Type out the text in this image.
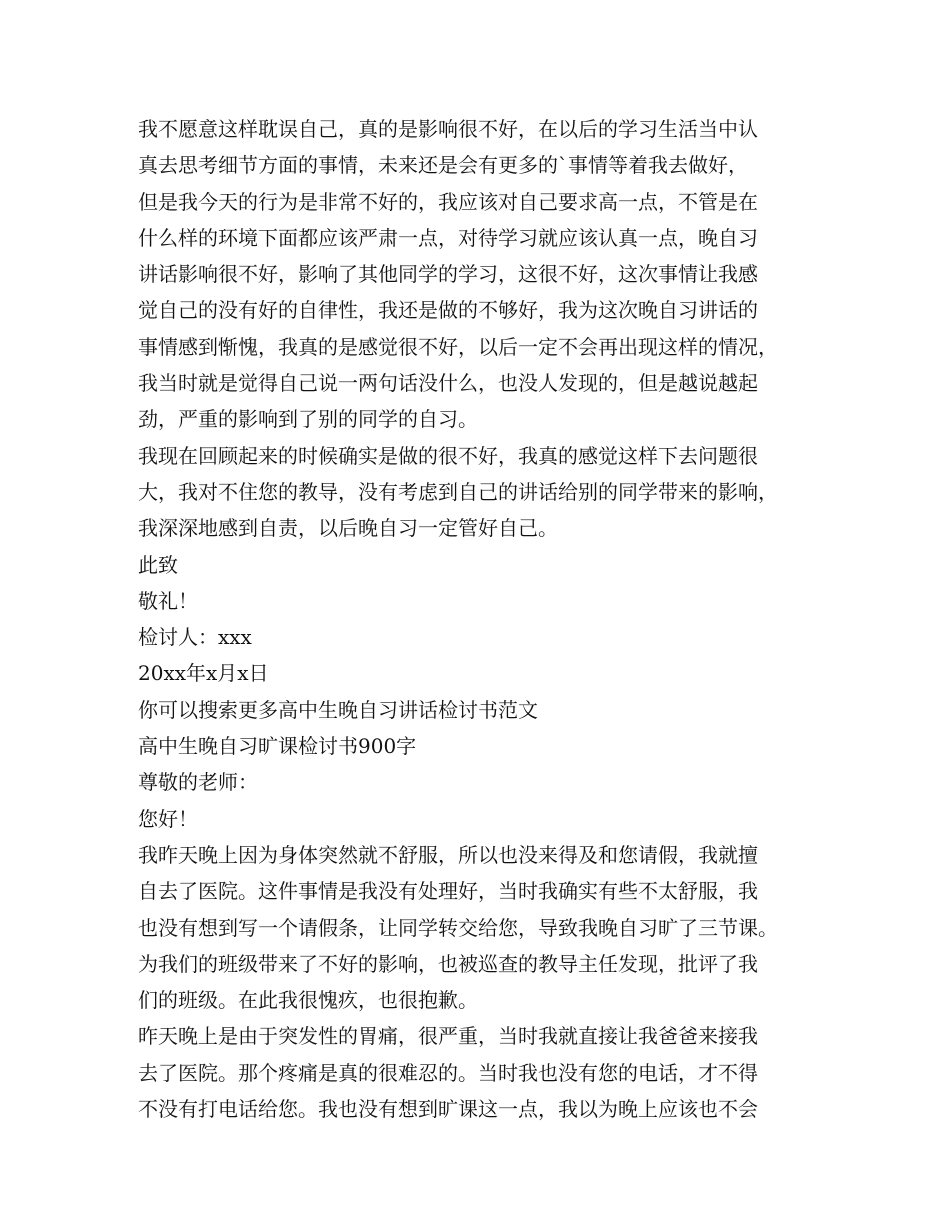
我不愿意这样耽误自己，真的是影响很不好，在以后的学习生活当中认
真去思考细节方面的事情，未来还是会有更多的`事情等着我去做好，
但是我今天的行为是非常不好的，我应该对自己要求高一点，不管是在
什么样的环境下面都应该严肃一点，对待学习就应该认真一点，晚自习
讲话影响很不好，影响了其他同学的学习，这很不好，这次事情让我感
觉自己的没有好的自律性，我还是做的不够好，我为这次晚自习讲话的
事情感到惭愧，我真的是感觉很不好，以后一定不会再出现这样的情况，
我当时就是觉得自己说一两句话没什么，也没人发现的，但是越说越起
劲，严重的影响到了别的同学的自习。
我现在回顾起来的时候确实是做的很不好，我真的感觉这样下去问题很
大，我对不住您的教导，没有考虑到自己的讲话给别的同学带来的影响，
我深深地感到自责，以后晚自习一定管好自己。
此致
敬礼！
检讨人：xxx
20xx年x月x日
你可以搜索更多高中生晚自习讲话检讨书范文
高中生晚自习旷课检讨书900字
尊敬的老师：
您好！
我昨天晚上因为身体突然就不舒服，所以也没来得及和您请假，我就擅
自去了医院。这件事情是我没有处理好，当时我确实有些不太舒服，我
也没有想到写一个请假条，让同学转交给您，导致我晚自习旷了三节课。
为我们的班级带来了不好的影响，也被巡查的教导主任发现，批评了我
们的班级。在此我很愧疚，也很抱歉。
昨天晚上是由于突发性的胃痛，很严重，当时我就直接让我爸爸来接我
去了医院。那个疼痛是真的很难忍的。当时我也没有您的电话，才不得
不没有打电话给您。我也没有想到旷课这一点，我以为晚上应该也不会
